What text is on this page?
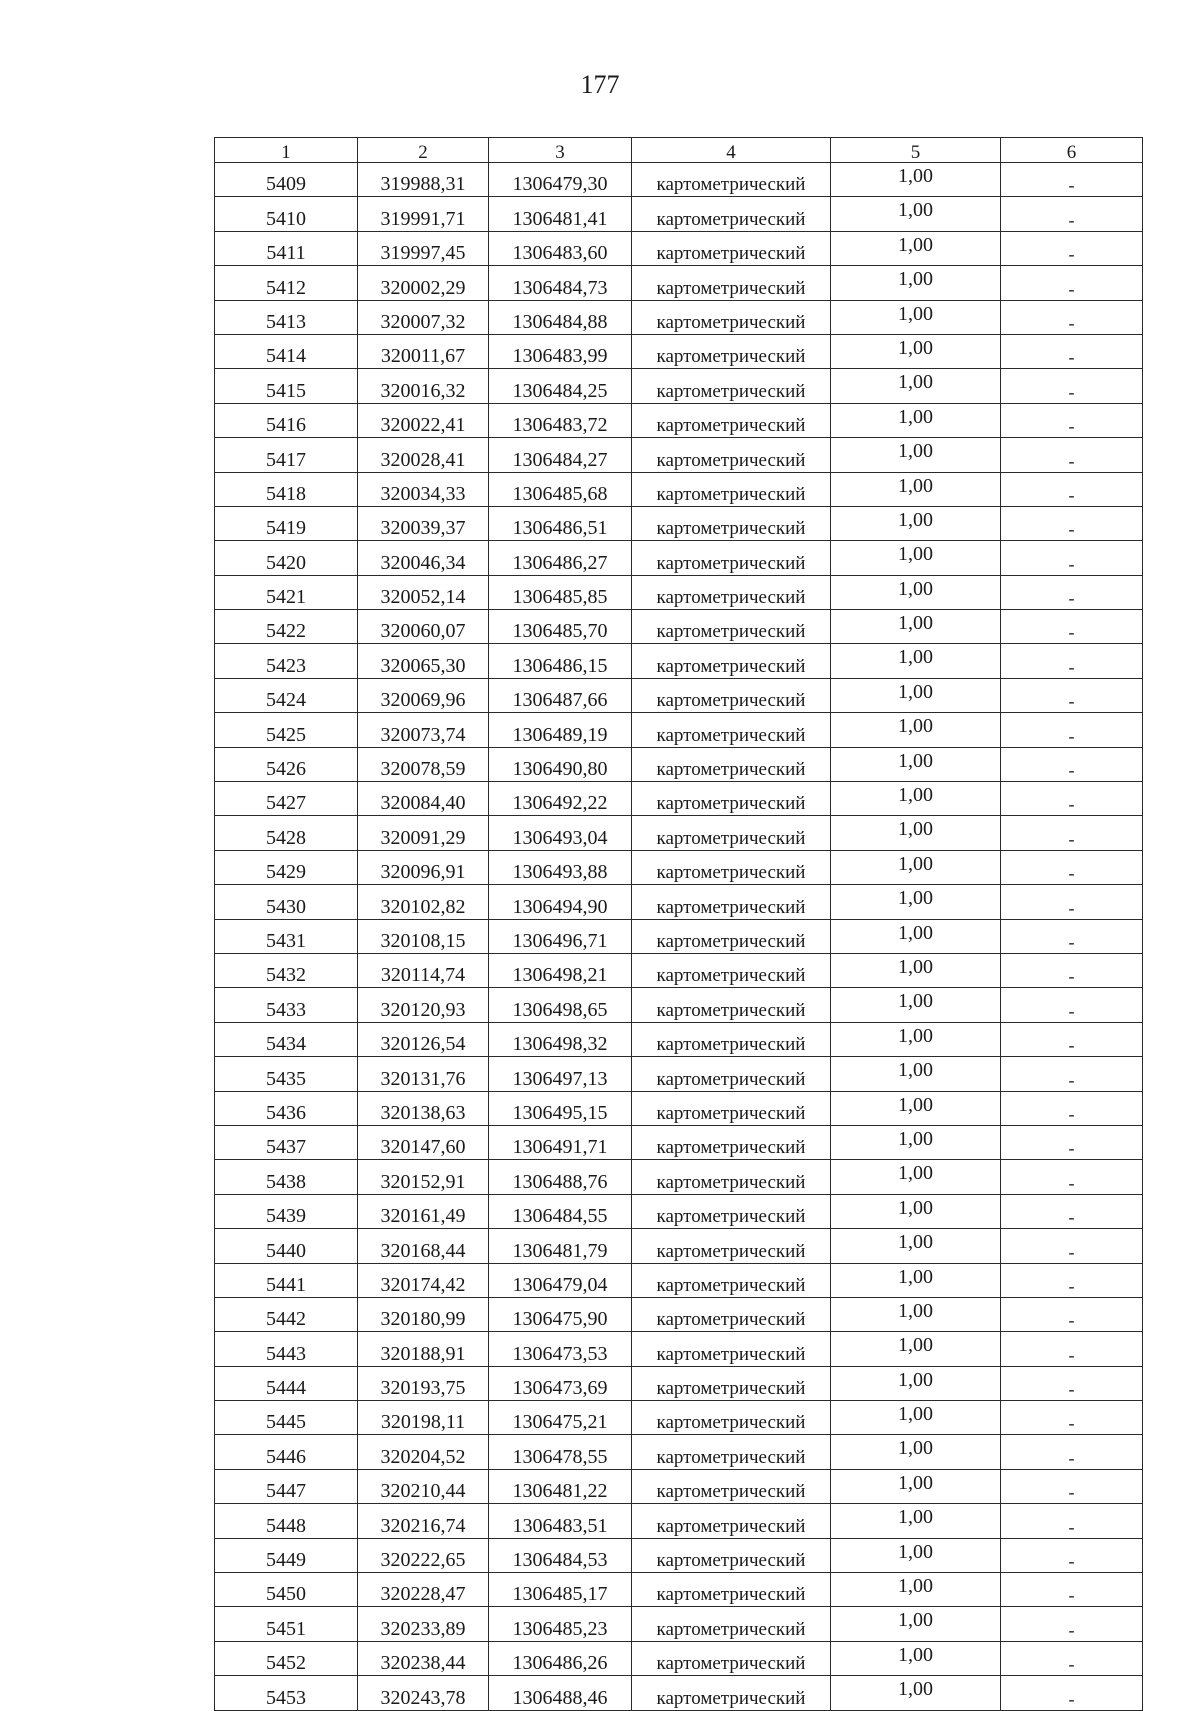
177
1	2	3	4	5	6
5409	319988,31	1306479,30	картометрический	1,00	-
5410	319991,71	1306481,41	картометрический	1,00	-
5411	319997,45	1306483,60	картометрический	1,00	-
5412	320002,29	1306484,73	картометрический	1,00	-
5413	320007,32	1306484,88	картометрический	1,00	-
5414	320011,67	1306483,99	картометрический	1,00	-
5415	320016,32	1306484,25	картометрический	1,00	-
5416	320022,41	1306483,72	картометрический	1,00	-
5417	320028,41	1306484,27	картометрический	1,00	-
5418	320034,33	1306485,68	картометрический	1,00	-
5419	320039,37	1306486,51	картометрический	1,00	-
5420	320046,34	1306486,27	картометрический	1,00	-
5421	320052,14	1306485,85	картометрический	1,00	-
5422	320060,07	1306485,70	картометрический	1,00	-
5423	320065,30	1306486,15	картометрический	1,00	-
5424	320069,96	1306487,66	картометрический	1,00	-
5425	320073,74	1306489,19	картометрический	1,00	-
5426	320078,59	1306490,80	картометрический	1,00	-
5427	320084,40	1306492,22	картометрический	1,00	-
5428	320091,29	1306493,04	картометрический	1,00	-
5429	320096,91	1306493,88	картометрический	1,00	-
5430	320102,82	1306494,90	картометрический	1,00	-
5431	320108,15	1306496,71	картометрический	1,00	-
5432	320114,74	1306498,21	картометрический	1,00	-
5433	320120,93	1306498,65	картометрический	1,00	-
5434	320126,54	1306498,32	картометрический	1,00	-
5435	320131,76	1306497,13	картометрический	1,00	-
5436	320138,63	1306495,15	картометрический	1,00	-
5437	320147,60	1306491,71	картометрический	1,00	-
5438	320152,91	1306488,76	картометрический	1,00	-
5439	320161,49	1306484,55	картометрический	1,00	-
5440	320168,44	1306481,79	картометрический	1,00	-
5441	320174,42	1306479,04	картометрический	1,00	-
5442	320180,99	1306475,90	картометрический	1,00	-
5443	320188,91	1306473,53	картометрический	1,00	-
5444	320193,75	1306473,69	картометрический	1,00	-
5445	320198,11	1306475,21	картометрический	1,00	-
5446	320204,52	1306478,55	картометрический	1,00	-
5447	320210,44	1306481,22	картометрический	1,00	-
5448	320216,74	1306483,51	картометрический	1,00	-
5449	320222,65	1306484,53	картометрический	1,00	-
5450	320228,47	1306485,17	картометрический	1,00	-
5451	320233,89	1306485,23	картометрический	1,00	-
5452	320238,44	1306486,26	картометрический	1,00	-
5453	320243,78	1306488,46	картометрический	1,00	-
